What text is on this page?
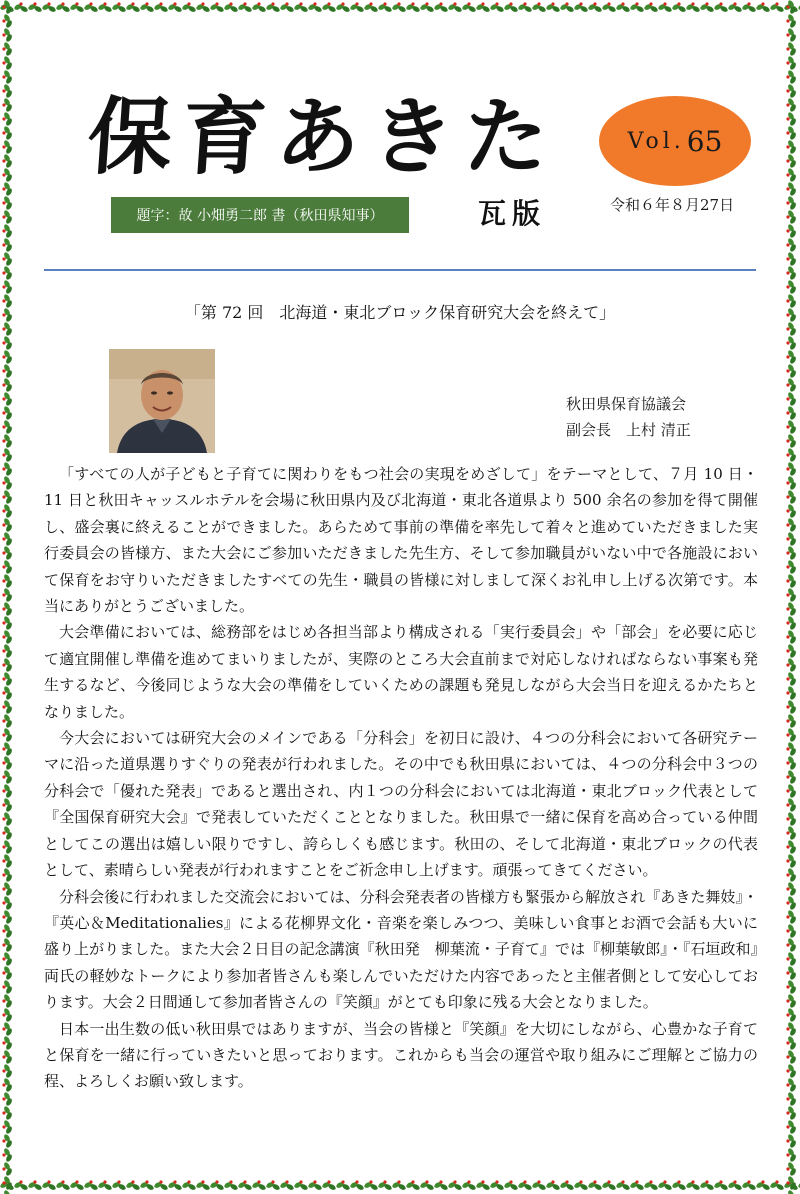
保育あきた	Vol. 65
題字：故 小畑勇二郎 書（秋田県知事）	瓦版	令和６年８月27日
「第 72 回　北海道・東北ブロック保育研究大会を終えて」
秋田県保育協議会
副会長　上村 清正

「すべての人が子どもと子育てに関わりをもつ社会の実現をめざして」をテーマとして、７月 10 日・11 日と秋田キャッスルホテルを会場に秋田県内及び北海道・東北各道県より 500 余名の参加を得て開催し、盛会裏に終えることができました。あらためて事前の準備を率先して着々と進めていただきました実行委員会の皆様方、また大会にご参加いただきました先生方、そして参加職員がいない中で各施設において保育をお守りいただきましたすべての先生・職員の皆様に対しまして深くお礼申し上げる次第です。本当にありがとうございました。

大会準備においては、総務部をはじめ各担当部より構成される「実行委員会」や「部会」を必要に応じて適宜開催し準備を進めてまいりましたが、実際のところ大会直前まで対応しなければならない事案も発生するなど、今後同じような大会の準備をしていくための課題も発見しながら大会当日を迎えるかたちとなりました。

今大会においては研究大会のメインである「分科会」を初日に設け、４つの分科会において各研究テーマに沿った道県選りすぐりの発表が行われました。その中でも秋田県においては、４つの分科会中３つの分科会で「優れた発表」であると選出され、内１つの分科会においては北海道・東北ブロック代表として『全国保育研究大会』で発表していただくこととなりました。秋田県で一緒に保育を高め合っている仲間としてこの選出は嬉しい限りですし、誇らしくも感じます。秋田の、そして北海道・東北ブロックの代表として、素晴らしい発表が行われますことをご祈念申し上げます。頑張ってきてください。

分科会後に行われました交流会においては、分科会発表者の皆様方も緊張から解放され『あきた舞妓』・『英心＆Meditationalies』による花柳界文化・音楽を楽しみつつ、美味しい食事とお酒で会話も大いに盛り上がりました。また大会２日目の記念講演『秋田発　柳葉流・子育て』では『柳葉敏郎』・『石垣政和』両氏の軽妙なトークにより参加者皆さんも楽しんでいただけた内容であったと主催者側として安心しております。大会２日間通して参加者皆さんの『笑顔』がとても印象に残る大会となりました。

日本一出生数の低い秋田県ではありますが、当会の皆様と『笑顔』を大切にしながら、心豊かな子育てと保育を一緒に行っていきたいと思っております。これからも当会の運営や取り組みにご理解とご協力の程、よろしくお願い致します。
